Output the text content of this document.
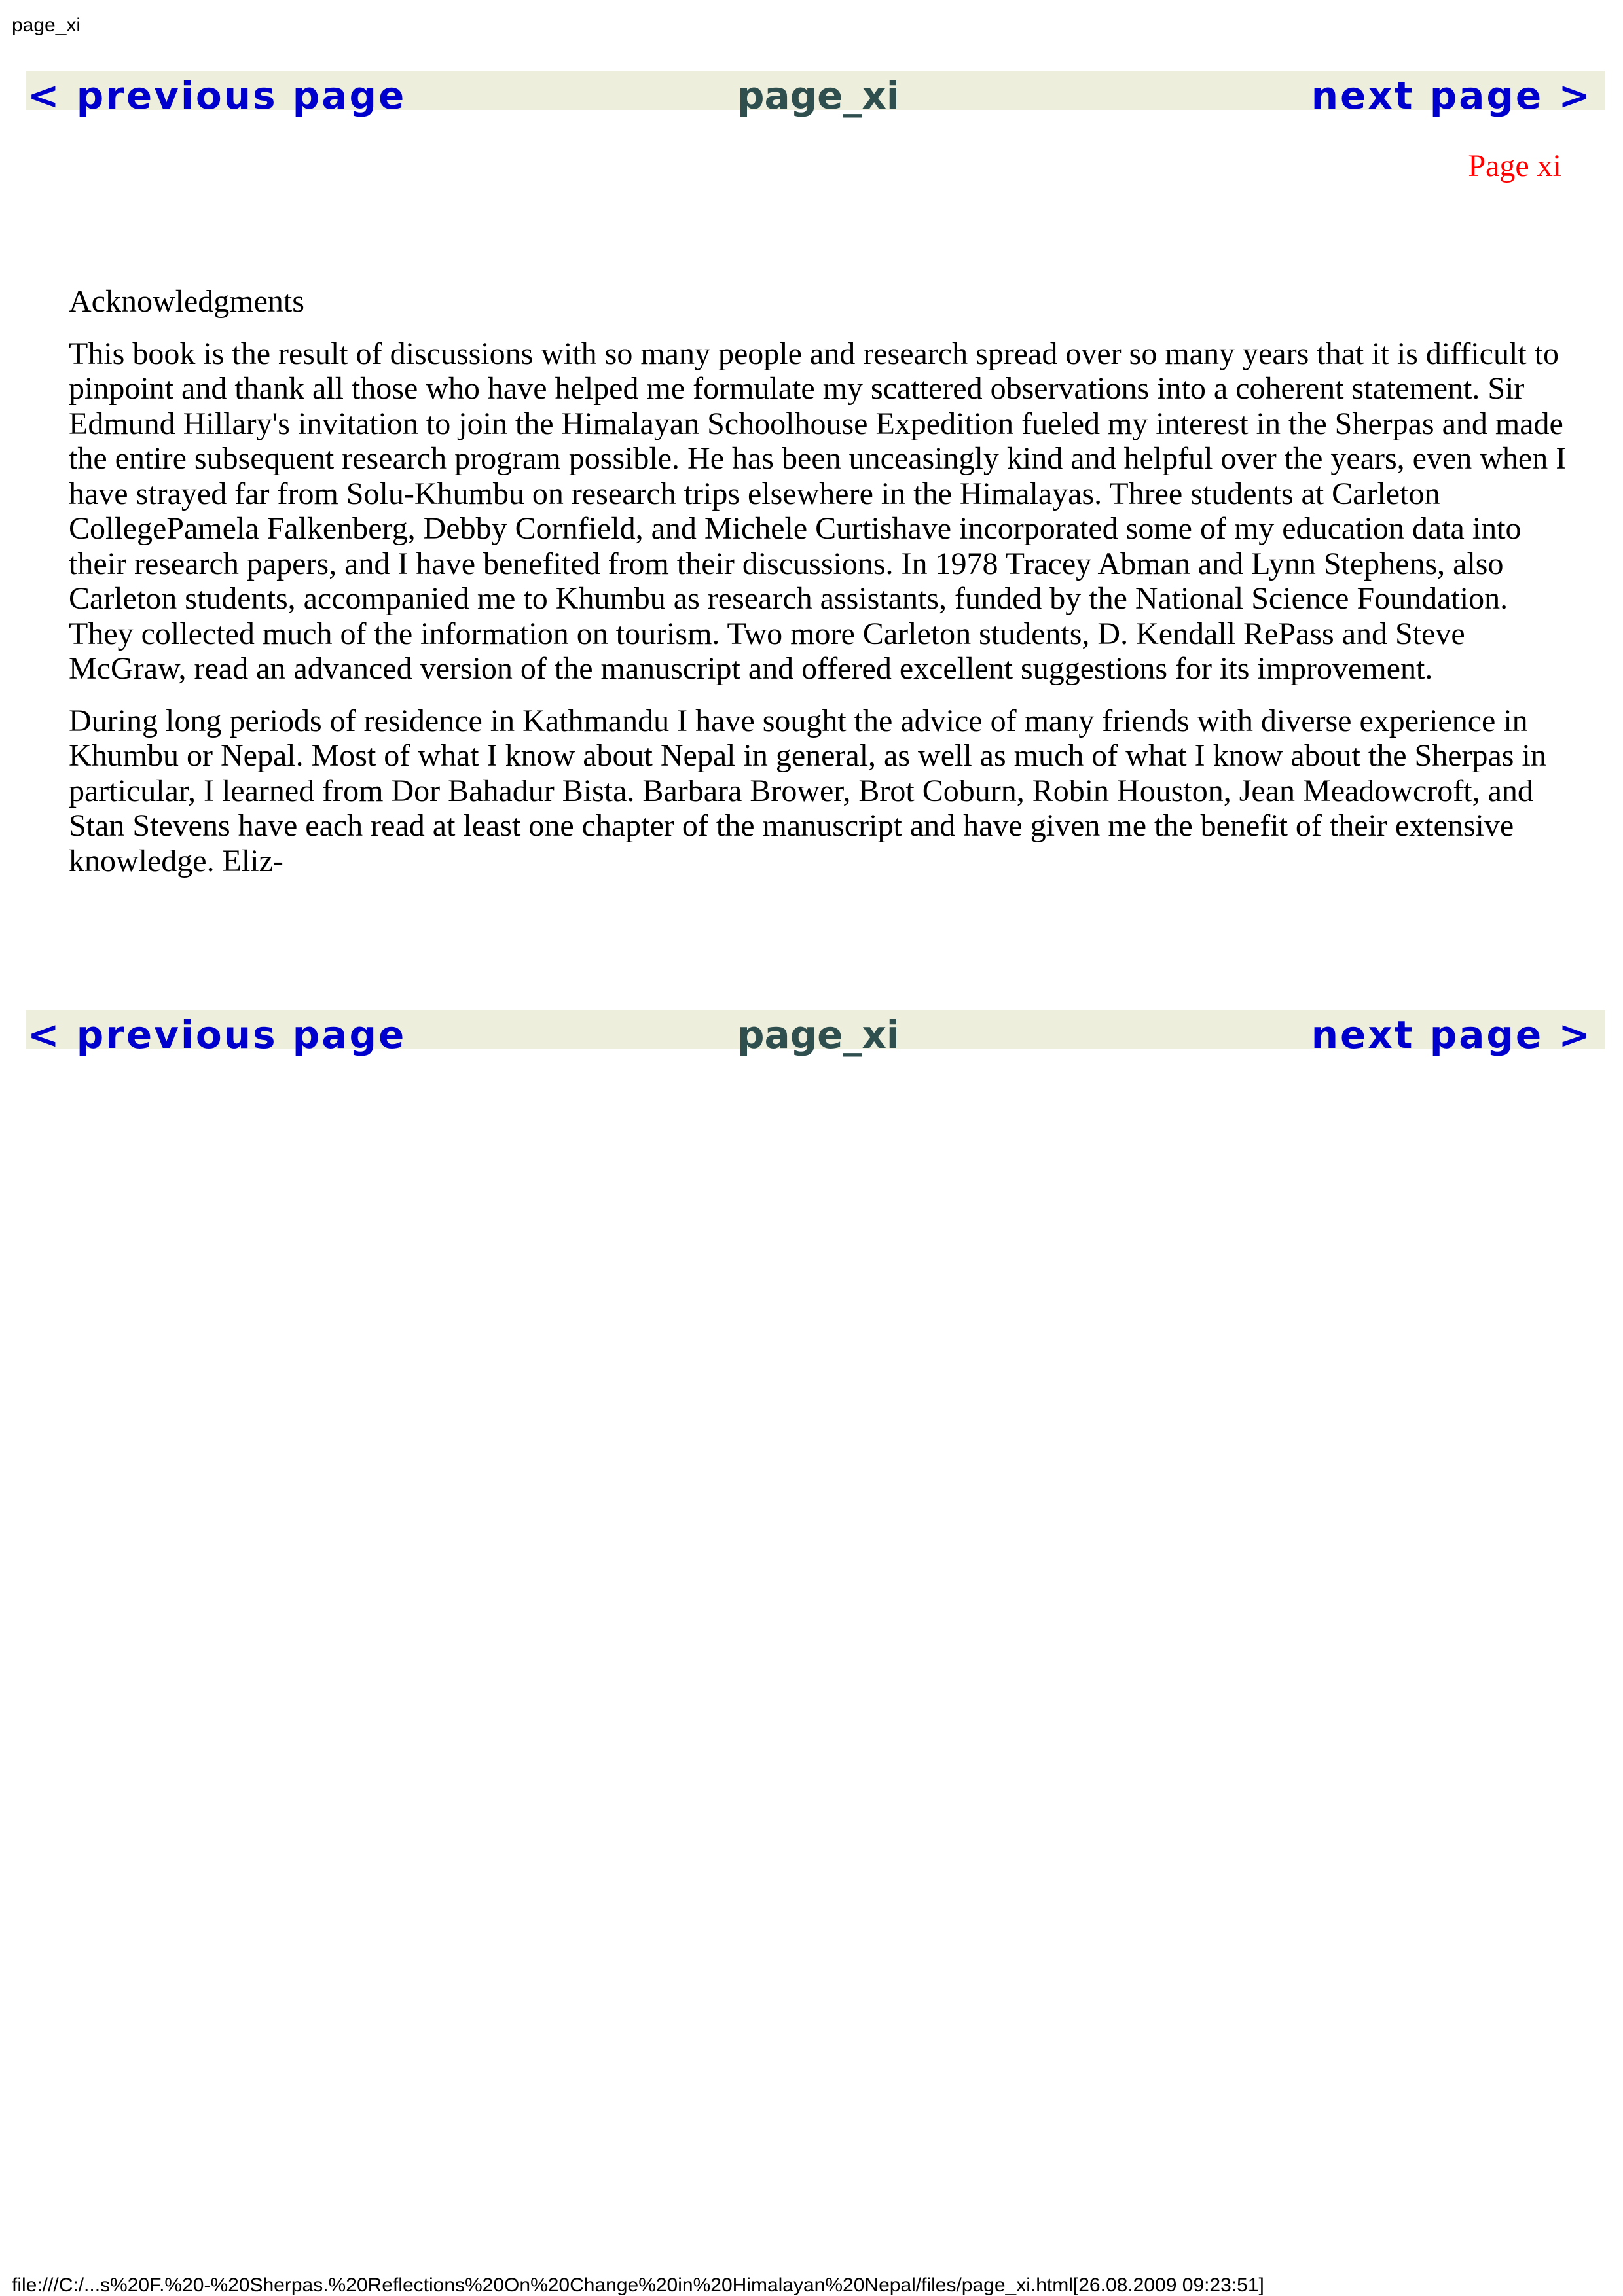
page_xi
< previous page	page_xi	next page >
Page xi
Acknowledgments

This book is the result of discussions with so many people and research spread over so many years that it is difficult to pinpoint and thank all those who have helped me formulate my scattered observations into a coherent statement. Sir Edmund Hillary's invitation to join the Himalayan Schoolhouse Expedition fueled my interest in the Sherpas and made the entire subsequent research program possible. He has been unceasingly kind and helpful over the years, even when I have strayed far from Solu-Khumbu on research trips elsewhere in the Himalayas. Three students at Carleton CollegePamela Falkenberg, Debby Cornfield, and Michele Curtishave incorporated some of my education data into their research papers, and I have benefited from their discussions. In 1978 Tracey Abman and Lynn Stephens, also Carleton students, accompanied me to Khumbu as research assistants, funded by the National Science Foundation. They collected much of the information on tourism. Two more Carleton students, D. Kendall RePass and Steve McGraw, read an advanced version of the manuscript and offered excellent suggestions for its improvement.

During long periods of residence in Kathmandu I have sought the advice of many friends with diverse experience in Khumbu or Nepal. Most of what I know about Nepal in general, as well as much of what I know about the Sherpas in particular, I learned from Dor Bahadur Bista. Barbara Brower, Brot Coburn, Robin Houston, Jean Meadowcroft, and Stan Stevens have each read at least one chapter of the manuscript and have given me the benefit of their extensive knowledge. Eliz-

< previous page	page_xi	next page >
file:///C:/...s%20F.%20-%20Sherpas.%20Reflections%20On%20Change%20in%20Himalayan%20Nepal/files/page_xi.html[26.08.2009 09:23:51]
